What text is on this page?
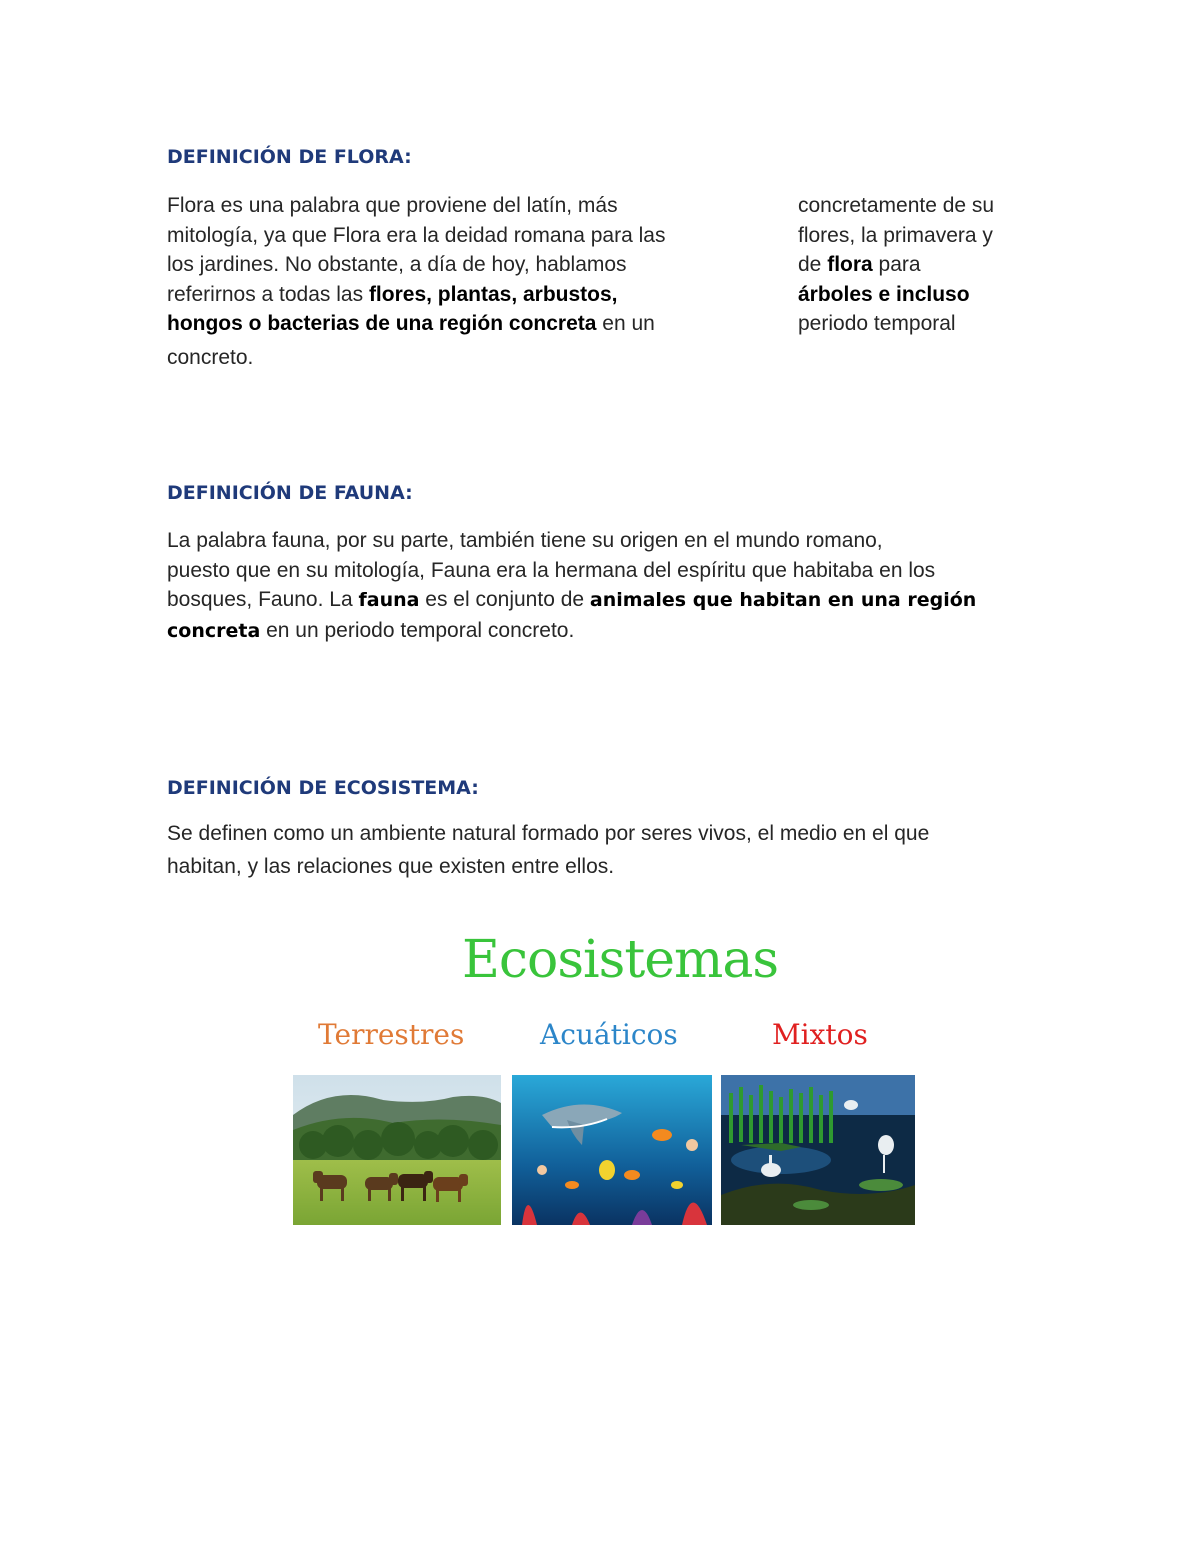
DEFINICIÓN DE FLORA:
Flora es una palabra que proviene del latín, más
mitología, ya que Flora era la deidad romana para las
los jardines. No obstante, a día de hoy, hablamos
referirnos a todas las flores, plantas, arbustos,
hongos o bacterias de una región concreta en un
concreto.
concretamente de su
flores, la primavera y
de flora para
árboles e incluso
periodo temporal
DEFINICIÓN DE FAUNA:
La palabra fauna, por su parte, también tiene su origen en el mundo romano,
puesto que en su mitología, Fauna era la hermana del espíritu que habitaba en los
bosques, Fauno. La fauna es el conjunto de animales que habitan en una región
concreta en un periodo temporal concreto.
DEFINICIÓN DE ECOSISTEMA:
Se definen como un ambiente natural formado por seres vivos, el medio en el que
habitan, y las relaciones que existen entre ellos.
Ecosistemas
Terrestres	Acuáticos	Mixtos
